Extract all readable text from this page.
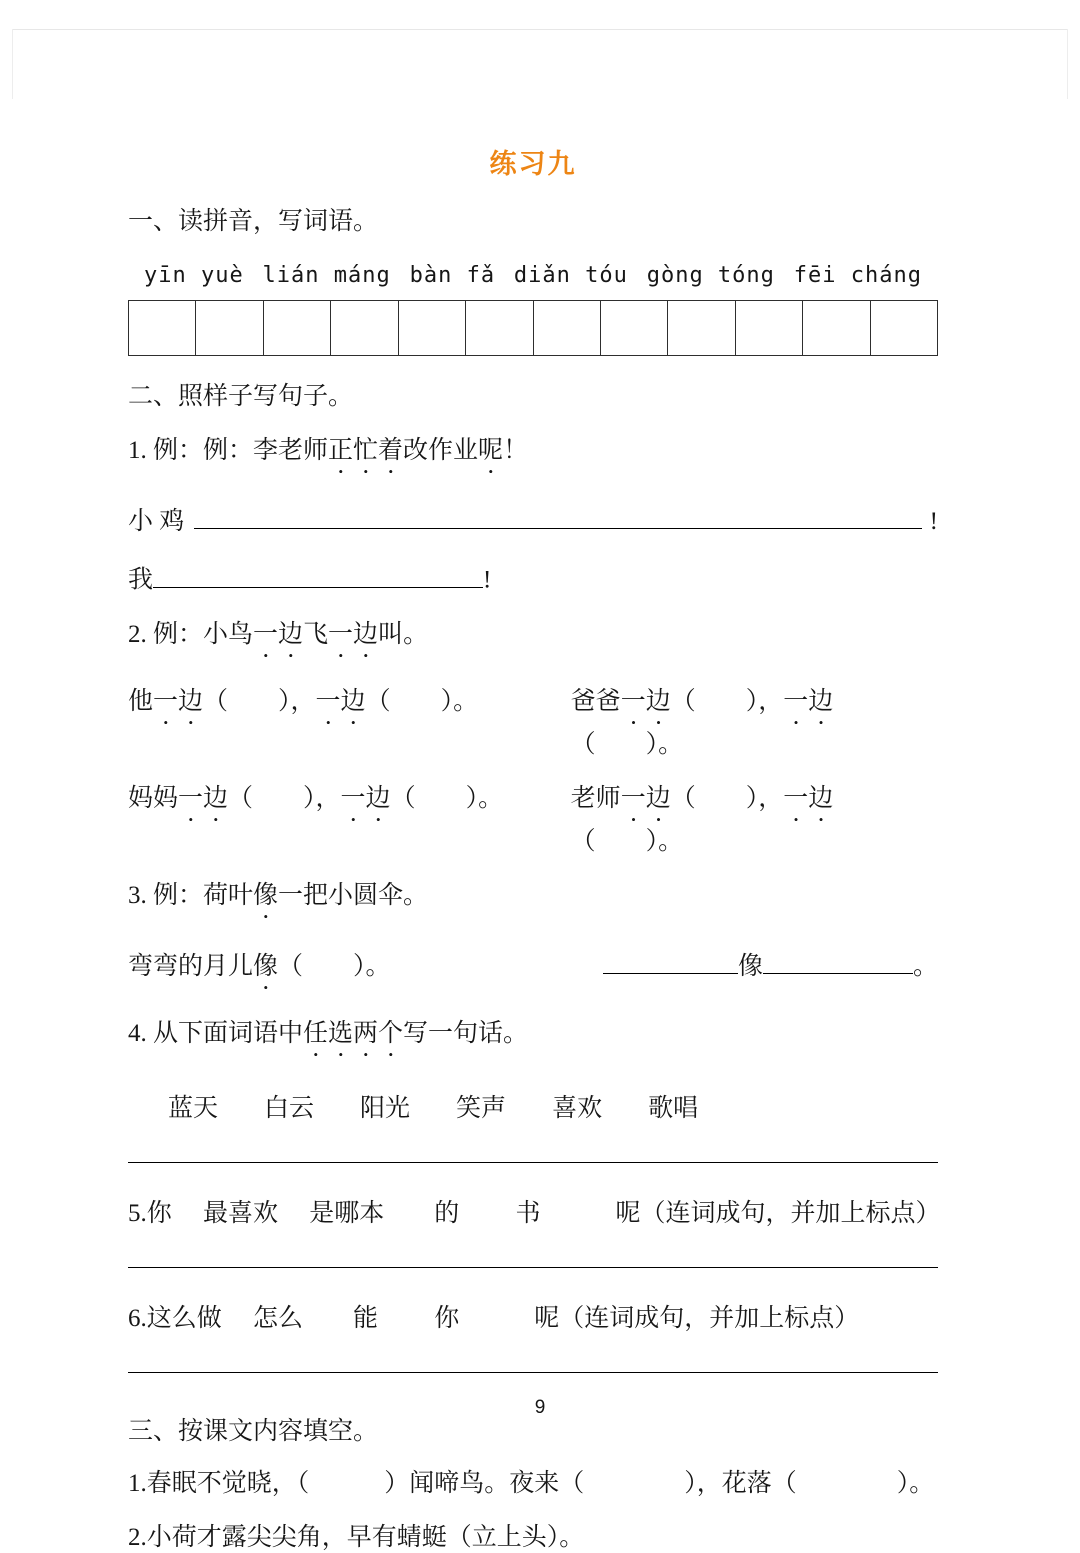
练习九
一、读拼音，写词语。
yīn yuè lián máng bàn fǎ diǎn tóu gòng tóng fēi cháng
二、照样子写句子。
1. 例：例：李老师正忙着改作业呢！
小 鸡	!
我	!
2. 例：小鸟一边飞一边叫。
他一边（　　），一边（　　）。	爸爸一边（　　），一边（　　）。
妈妈一边（　　），一边（　　）。	老师一边（　　），一边（　　）。
3. 例：荷叶像一把小圆伞。
弯弯的月儿 像 （　　）。	像	。
4. 从下面词语中任选两个写一句话。
蓝天 白云 阳光 笑声 喜欢 歌唱
5.你　 最喜欢　 是哪本　　的　　 书　　　呢（连词成句，并加上标点）
6.这么做　 怎么　　能　　 你　　　呢（连词成句，并加上标点）
三、按课文内容填空。
1.春眠不觉晓，（　　　）闻啼鸟。夜来（　　　　），花落（　　　　）。
2.小荷才露尖尖角，早有蜻蜓（立上头）。
9
